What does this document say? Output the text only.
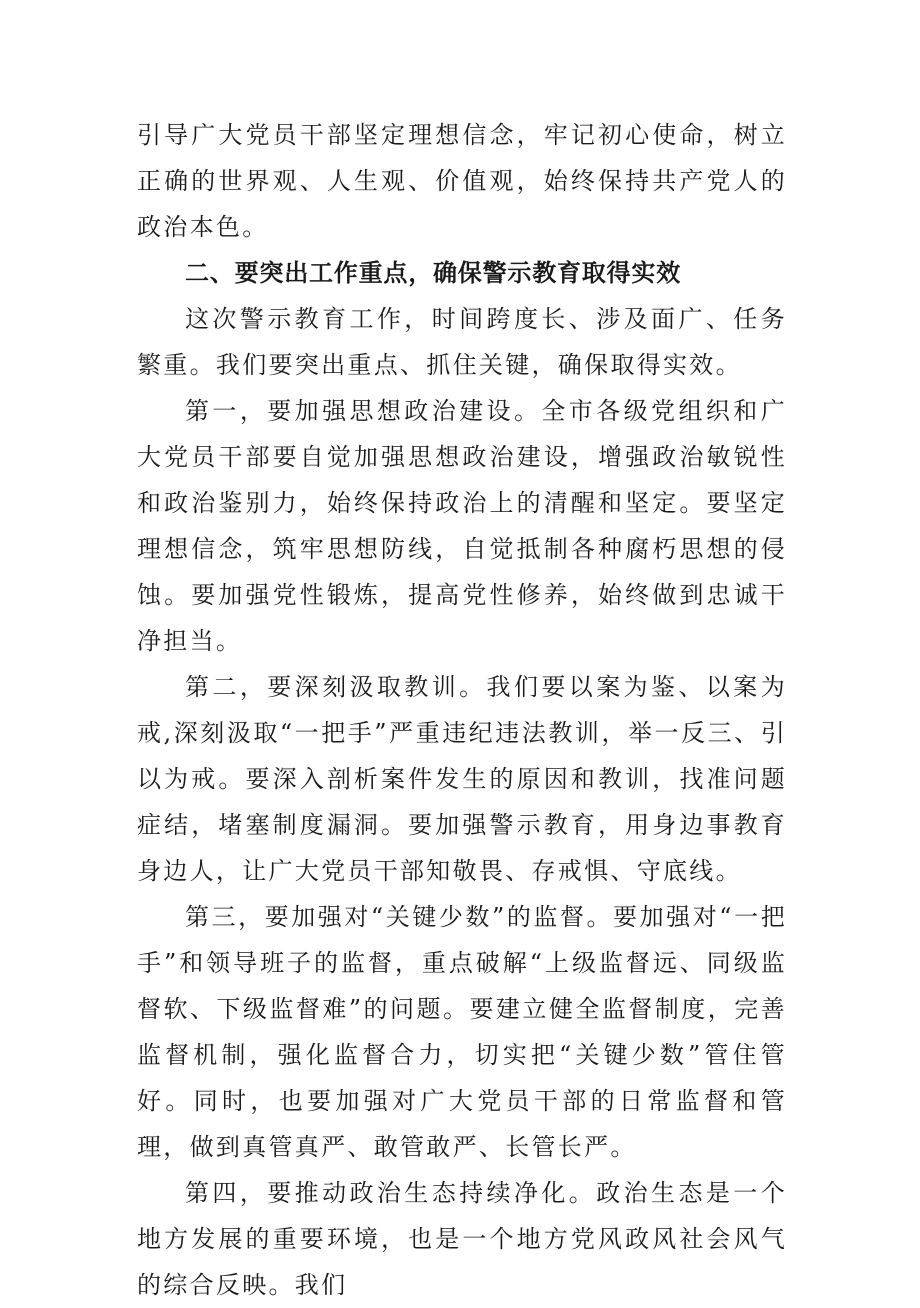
引导广大党员干部坚定理想信念，牢记初心使命，树立正确的世界观、人生观、价值观，始终保持共产党人的政治本色。

二、要突出工作重点，确保警示教育取得实效

这次警示教育工作，时间跨度长、涉及面广、任务繁重。我们要突出重点、抓住关键，确保取得实效。

第一，要加强思想政治建设。全市各级党组织和广大党员干部要自觉加强思想政治建设，增强政治敏锐性和政治鉴别力，始终保持政治上的清醒和坚定。要坚定理想信念，筑牢思想防线，自觉抵制各种腐朽思想的侵蚀。要加强党性锻炼，提高党性修养，始终做到忠诚干净担当。

第二，要深刻汲取教训。我们要以案为鉴、以案为戒,深刻汲取“一把手”严重违纪违法教训，举一反三、引以为戒。要深入剖析案件发生的原因和教训，找准问题症结，堵塞制度漏洞。要加强警示教育，用身边事教育身边人，让广大党员干部知敬畏、存戒惧、守底线。

第三，要加强对“关键少数”的监督。要加强对“一把手”和领导班子的监督，重点破解“上级监督远、同级监督软、下级监督难”的问题。要建立健全监督制度，完善监督机制，强化监督合力，切实把“关键少数”管住管好。同时，也要加强对广大党员干部的日常监督和管理，做到真管真严、敢管敢严、长管长严。

第四，要推动政治生态持续净化。政治生态是一个地方发展的重要环境，也是一个地方党风政风社会风气的综合反映。我们
